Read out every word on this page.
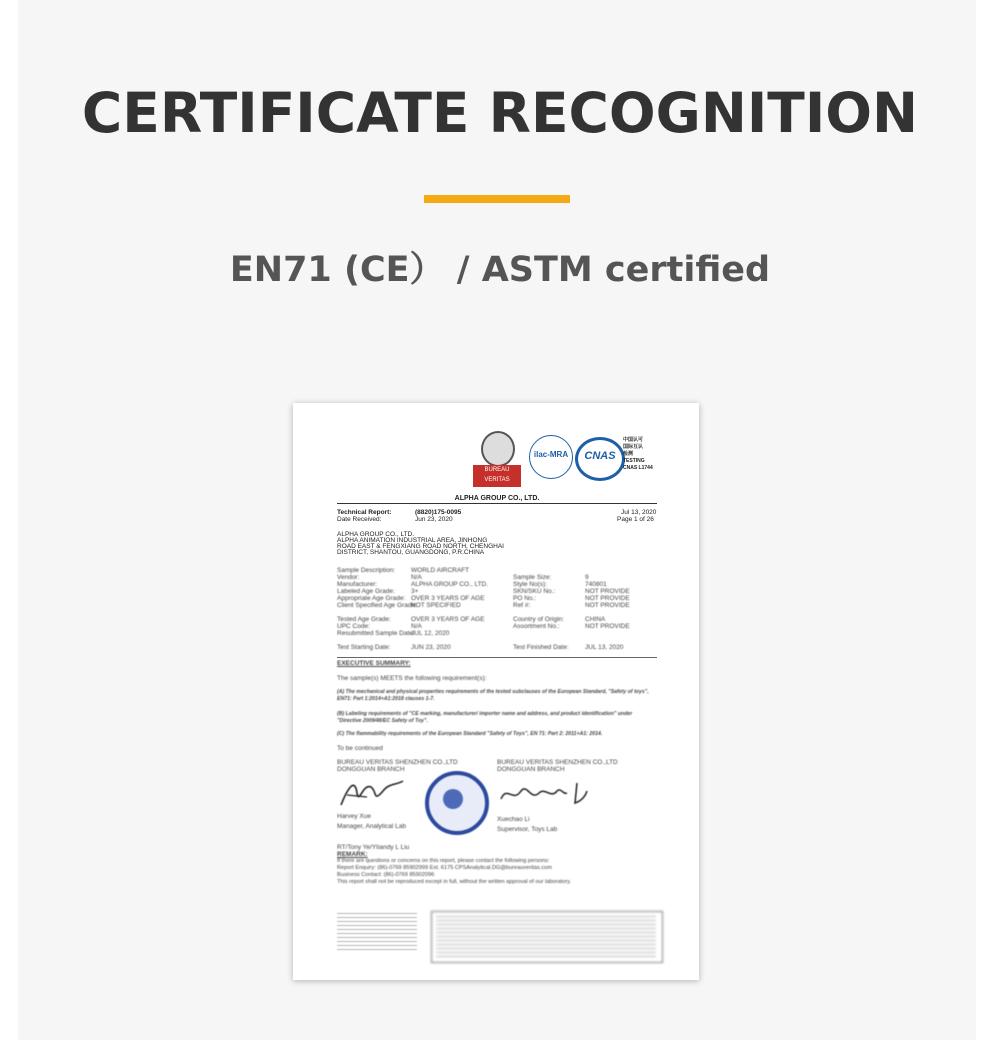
CERTIFICATE RECOGNITION
EN71 (CE） / ASTM certified
BUREAU VERITAS
ilac-MRA	CNAS
中国认可
国际互认
检测
TESTING
CNAS L1744
ALPHA GROUP CO., LTD.
Technical Report:	(8820)175-0095	Jul 13, 2020
Date Received:	Jun 23, 2020	Page 1 of 26
ALPHA GROUP CO., LTD.
ALPHA ANIMATION INDUSTRIAL AREA, JINHONG
ROAD EAST & FENGXIANG ROAD NORTH, CHENGHAI
DISTRICT, SHANTOU, GUANGDONG, P.R.CHINA
Sample Description: WORLD AIRCRAFT
Vendor:	N/A
Manufacturer:	ALPHA GROUP CO., LTD.
Labeled Age Grade: 3+
Appropriate Age Grade: OVER 3 YEARS OF AGE
Client Specified Age Grade:
NOT SPECIFIED
Tested Age Grade:	OVER 3 YEARS OF AGE
UPC Code:	N/A
Resubmitted Sample Date:
JUL 12, 2020
Test Starting Date:	JUN 23, 2020
Sample Size:	9
Style No(s):	740801
SKN/SKU No.:	NOT PROVIDE
PO No.:	NOT PROVIDE
Ref #:	NOT PROVIDE
Country of Origin:	CHINA
Assortment No.:	NOT PROVIDE
Test Finished Date:	JUL 13, 2020
EXECUTIVE SUMMARY:
The sample(s) MEETS the following requirement(s):
(A) The mechanical and physical properties requirements of the tested subclauses of the European Standard, "Safety of toys", EN71: Part 1:2014+A1:2018 clauses 1-7.
(B) Labeling requirements of "CE marking, manufacturer/ importer name and address, and product identification" under "Directive 2009/48/EC Safety of Toy".
(C) The flammability requirements of the European Standard "Safety of Toys", EN 71: Part 2: 2011+A1: 2014.
To be continued
BUREAU VERITAS SHENZHEN CO.,LTD
DONGGUAN BRANCH
BUREAU VERITAS SHENZHEN CO.,LTD
DONGGUAN BRANCH
Harvey Xue
Manager, Analytical Lab
Xuechao Li
Supervisor, Toys Lab
RT/Tony Ye/Ytiandy L Liu
REMARK:
If there are questions or concerns on this report, please contact the following persons:
Report Enquiry: (86)-0769 85902999 Ext. 6175 CPSAnalytical.DG@bureauveritas.com
Business Contact: (86)-0769 85902096
This report shall not be reproduced except in full, without the written approval of our laboratory.
